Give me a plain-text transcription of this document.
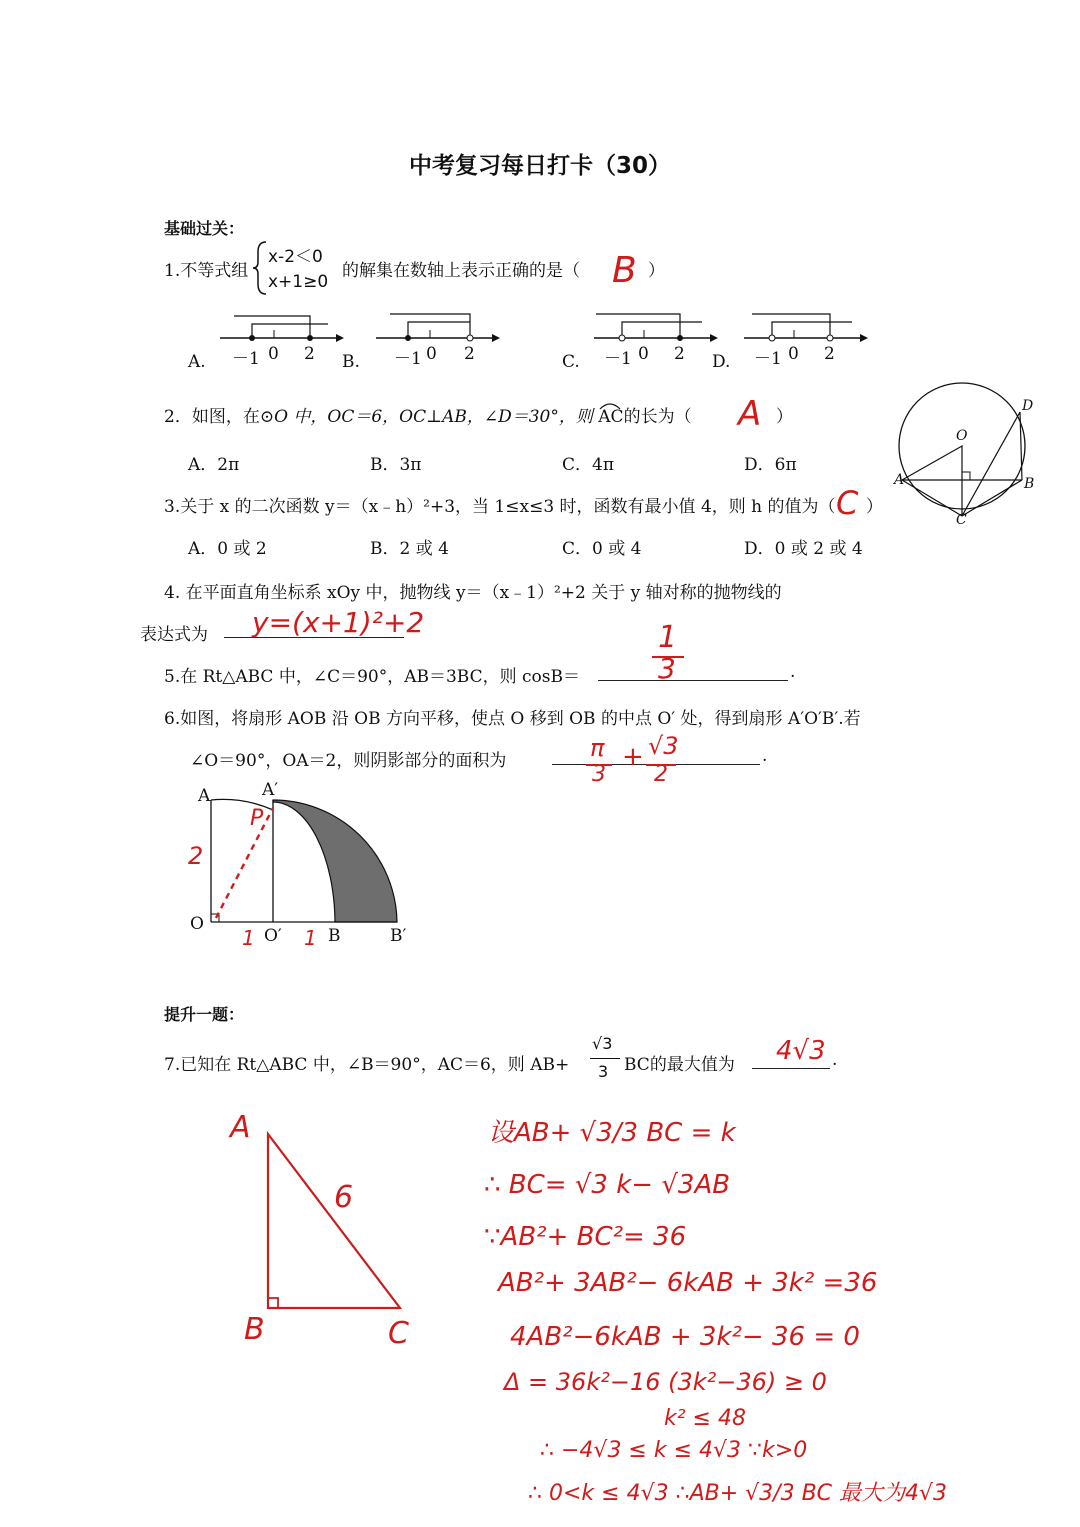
中考复习每日打卡（30）
基础过关：
1.不等式组
x-2＜0
x+1≥0
的解集在数轴上表示正确的是（ B ）
A. －1 0 2 B. －1 0 2	C. －1 0 2 D. －1 0 2
2．如图，在⊙O 中，OC＝6，OC⊥AB，∠D＝30°，则 AC的长为（ A ）
A．2π	B．3π	C．4π	D．6π
D
O
A	B
C
3.关于 x 的二次函数 y＝（x﹣h）²+3，当 1≤x≤3 时，函数有最小值 4，则 h 的值为（ C ）
A．0 或 2	B．2 或 4	C．0 或 4	D．0 或 2 或 4
4. 在平面直角坐标系 xOy 中，抛物线 y＝（x﹣1）²+2 关于 y 轴对称的抛物线的
表达式为 y=(x+1)²+2
5.在 Rt△ABC 中，∠C＝90°，AB＝3BC，则 cosB＝	.
1
3
6.如图，将扇形 AOB 沿 OB 方向平移，使点 O 移到 OB 的中点 O′ 处，得到扇形 A′O′B′.若
∠O＝90°，OA＝2，则阴影部分的面积为	.
π
3
+ √3
2
A	A′
O
O′	B	B′
P
2
1 1
提升一题：
7.已知在 Rt△ABC 中，∠B＝90°，AC＝6，则 AB+
√3
3 BC的最大值为	.
4√3
A
6
B	C
设AB+ √3/3 BC = k
∴ BC= √3 k− √3AB
∵AB²+ BC²= 36
AB²+ 3AB²− 6kAB + 3k² =36
4AB²−6kAB + 3k²− 36 = 0
Δ = 36k²−16 (3k²−36) ≥ 0
k² ≤ 48
∴ −4√3 ≤ k ≤ 4√3 ∵k>0
∴ 0<k ≤ 4√3 ∴AB+ √3/3 BC 最大为4√3
